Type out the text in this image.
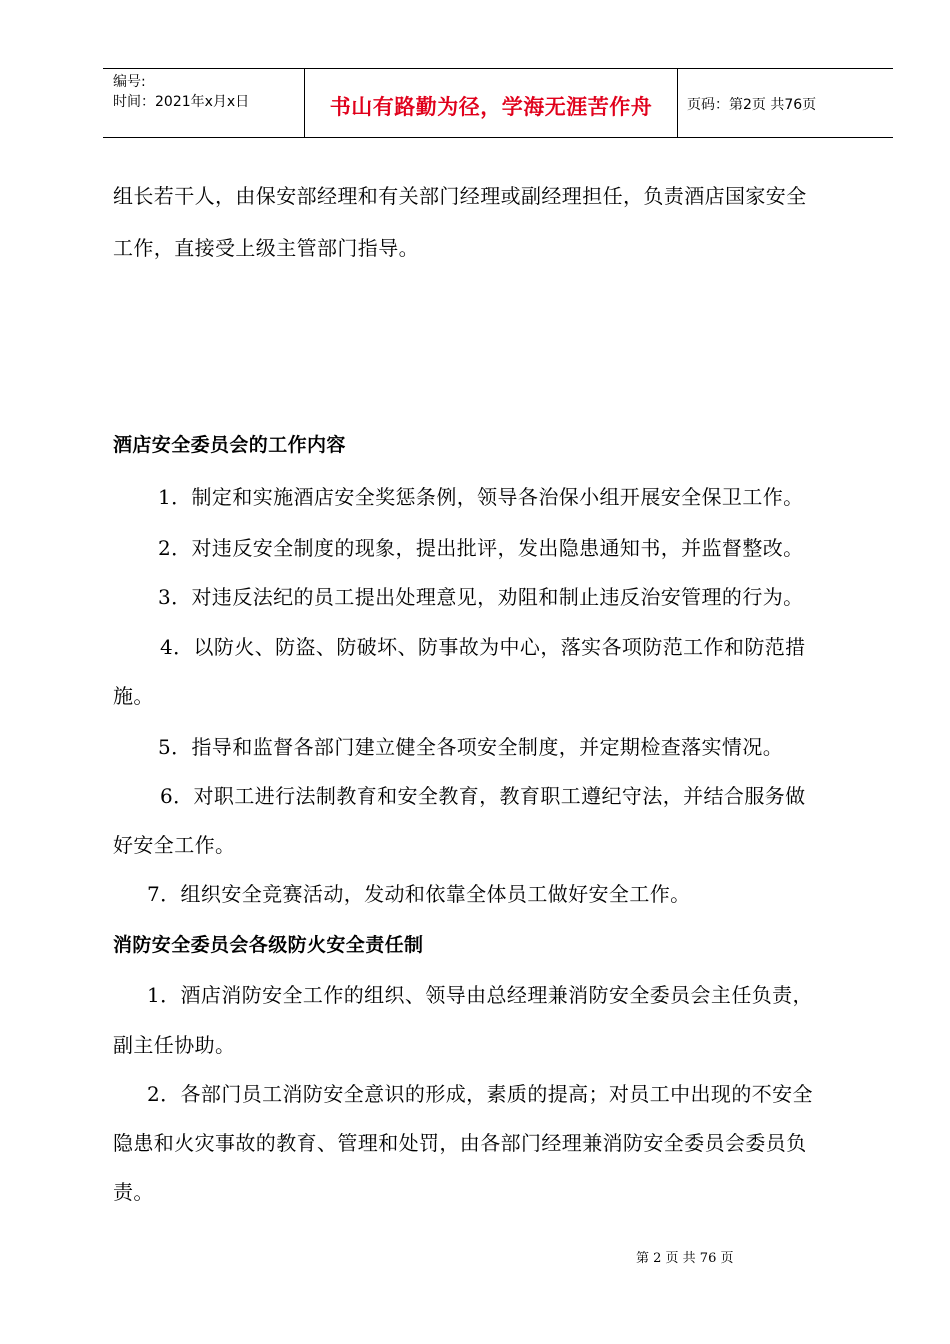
编号:
时间：2021年x月x日	书山有路勤为径，学海无涯苦作舟	页码：第2页 共76页
组长若干人，由保安部经理和有关部门经理或副经理担任，负责酒店国家安全
工作，直接受上级主管部门指导。
酒店安全委员会的工作内容
1．制定和实施酒店安全奖惩条例，领导各治保小组开展安全保卫工作。
2．对违反安全制度的现象，提出批评，发出隐患通知书，并监督整改。
3．对违反法纪的员工提出处理意见，劝阻和制止违反治安管理的行为。
4．以防火、防盗、防破坏、防事故为中心，落实各项防范工作和防范措
施。
5．指导和监督各部门建立健全各项安全制度，并定期检查落实情况。
6．对职工进行法制教育和安全教育，教育职工遵纪守法，并结合服务做
好安全工作。
7．组织安全竞赛活动，发动和依靠全体员工做好安全工作。
消防安全委员会各级防火安全责任制
1．酒店消防安全工作的组织、领导由总经理兼消防安全委员会主任负责，
副主任协助。
2．各部门员工消防安全意识的形成，素质的提高；对员工中出现的不安全
隐患和火灾事故的教育、管理和处罚，由各部门经理兼消防安全委员会委员负
责。
第 2 页 共 76 页
